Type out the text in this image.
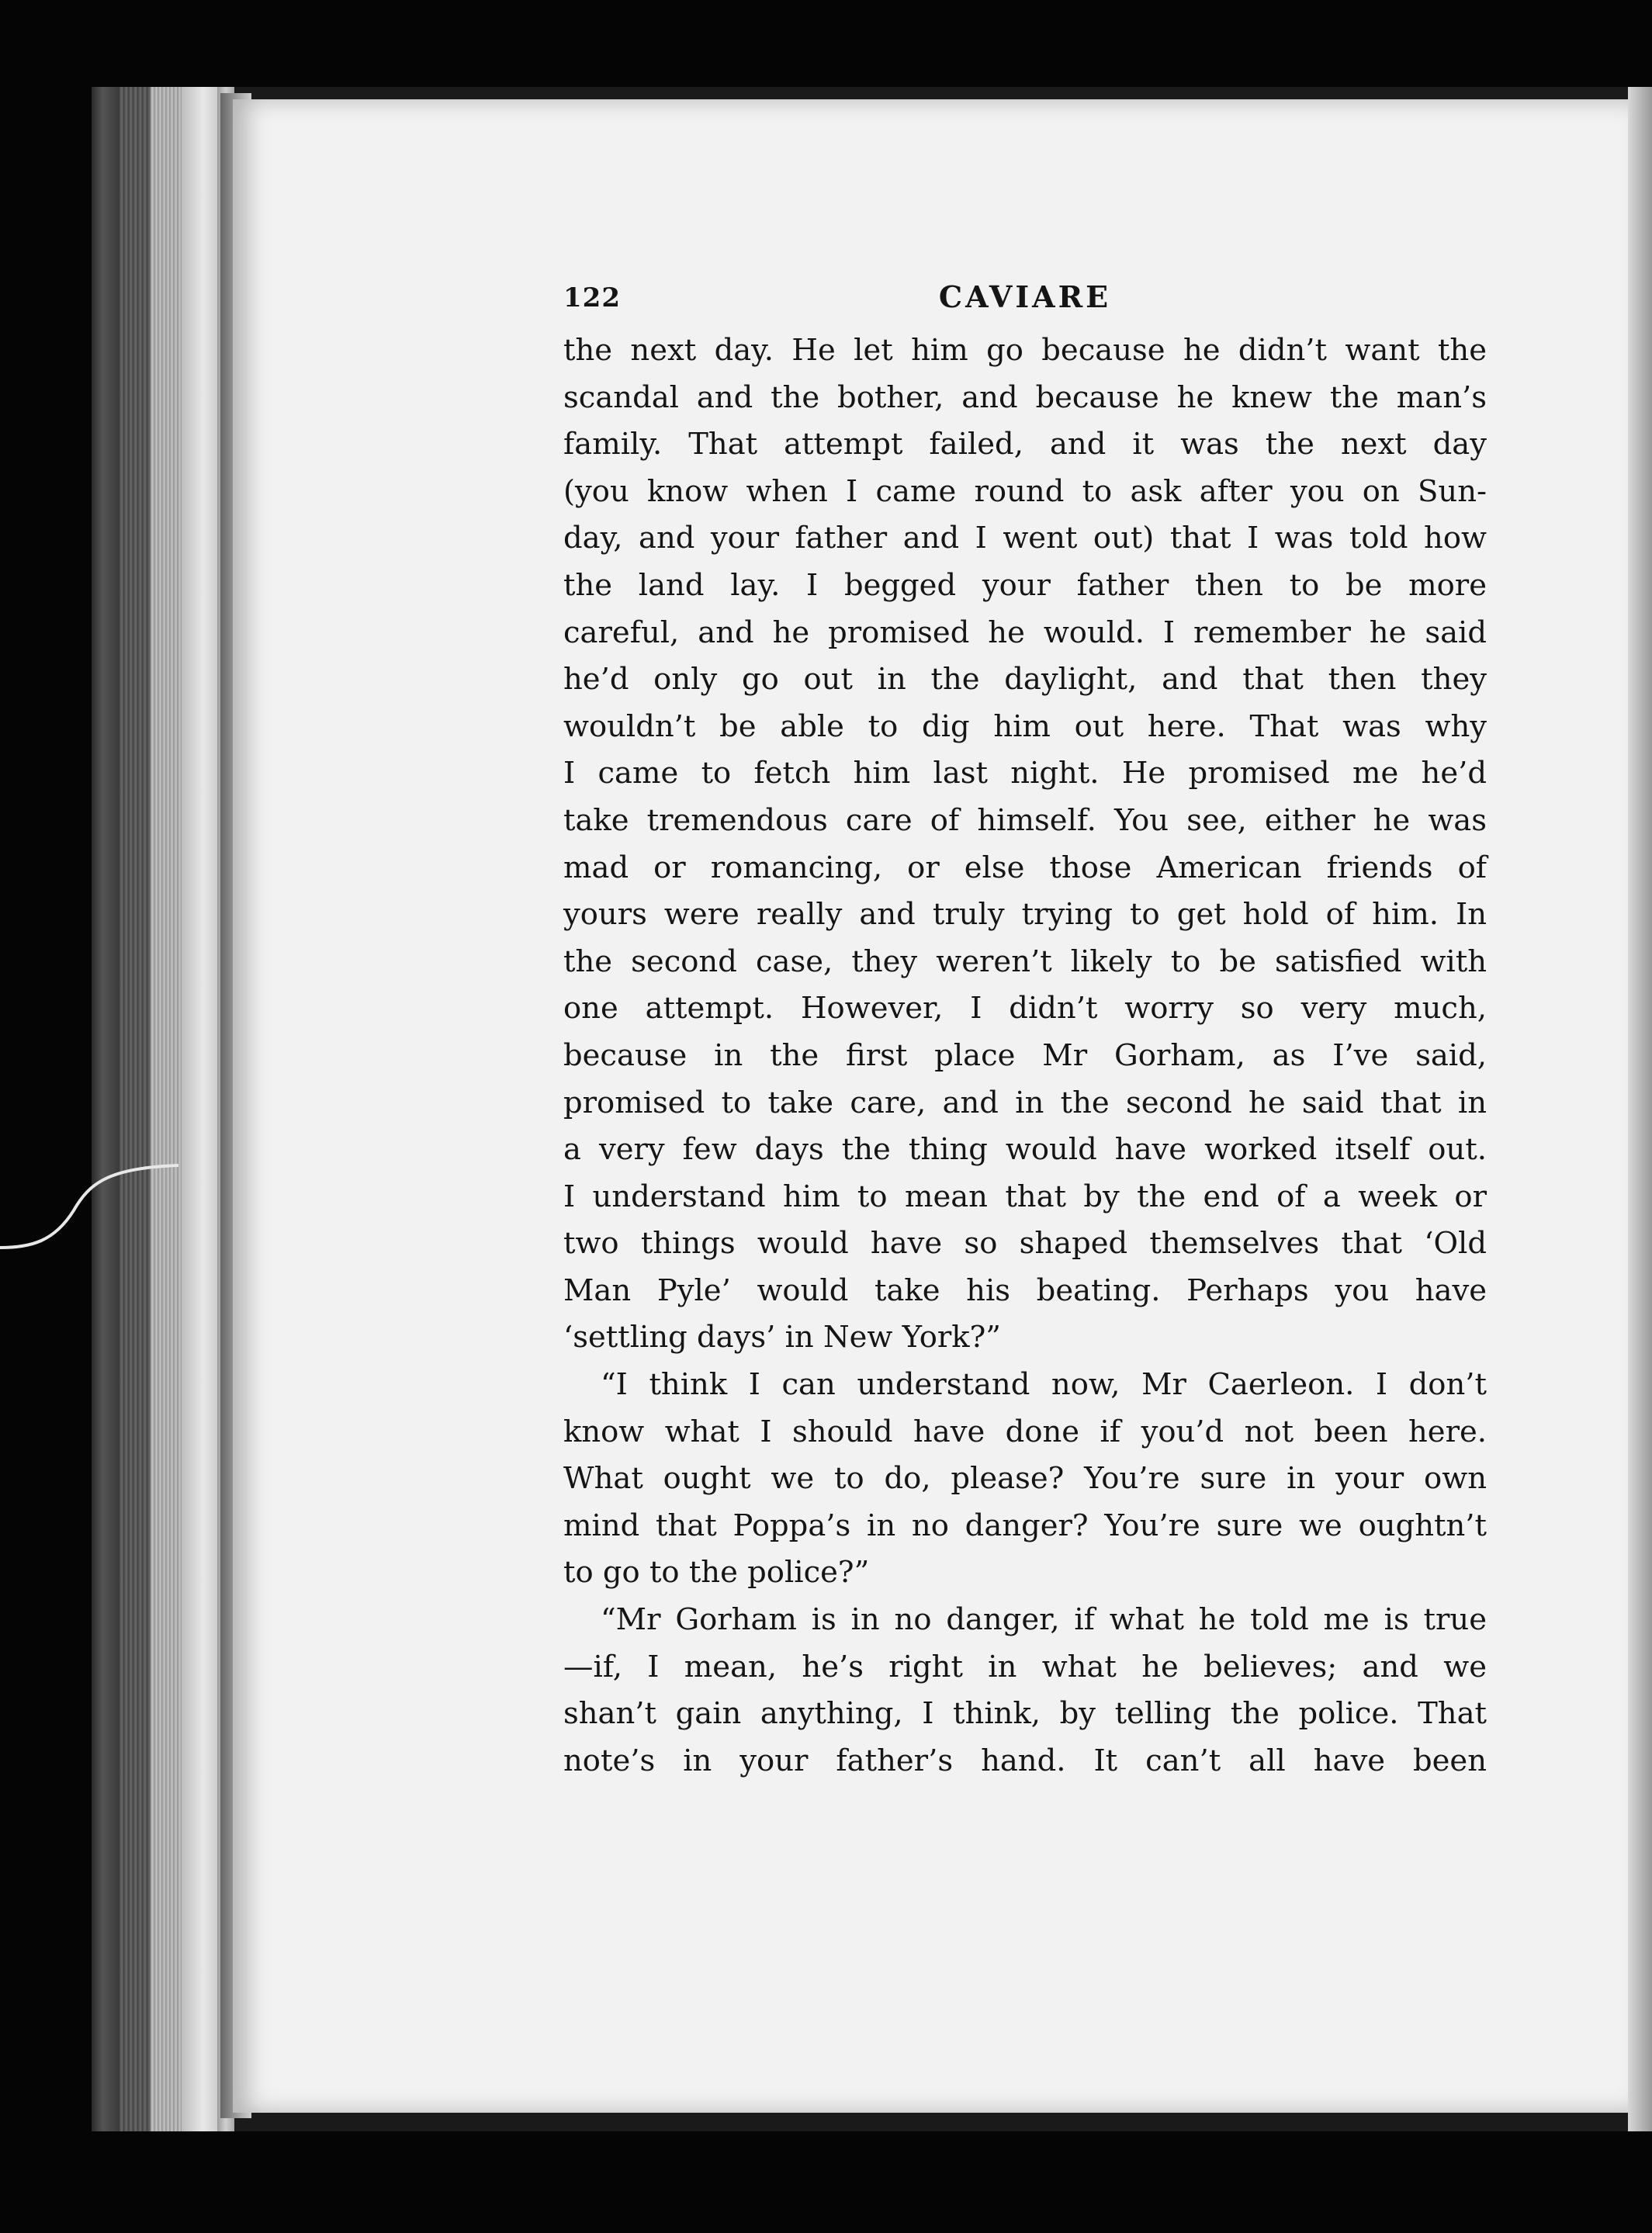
122	CAVIARE
the next day. He let him go because he didn’t want the
scandal and the bother, and because he knew the man’s
family. That attempt failed, and it was the next day
(you know when I came round to ask after you on Sun-
day, and your father and I went out) that I was told how
the land lay. I begged your father then to be more
careful, and he promised he would. I remember he said
he’d only go out in the daylight, and that then they
wouldn’t be able to dig him out here. That was why
I came to fetch him last night. He promised me he’d
take tremendous care of himself. You see, either he was
mad or romancing, or else those American friends of
yours were really and truly trying to get hold of him. In
the second case, they weren’t likely to be satisfied with
one attempt. However, I didn’t worry so very much,
because in the first place Mr Gorham, as I’ve said,
promised to take care, and in the second he said that in
a very few days the thing would have worked itself out.
I understand him to mean that by the end of a week or
two things would have so shaped themselves that ‘Old
Man Pyle’ would take his beating. Perhaps you have
‘settling days’ in New York?”
“I think I can understand now, Mr Caerleon. I don’t
know what I should have done if you’d not been here.
What ought we to do, please? You’re sure in your own
mind that Poppa’s in no danger? You’re sure we oughtn’t
to go to the police?”
“Mr Gorham is in no danger, if what he told me is true
—if, I mean, he’s right in what he believes; and we
shan’t gain anything, I think, by telling the police. That
note’s in your father’s hand. It can’t all have been
